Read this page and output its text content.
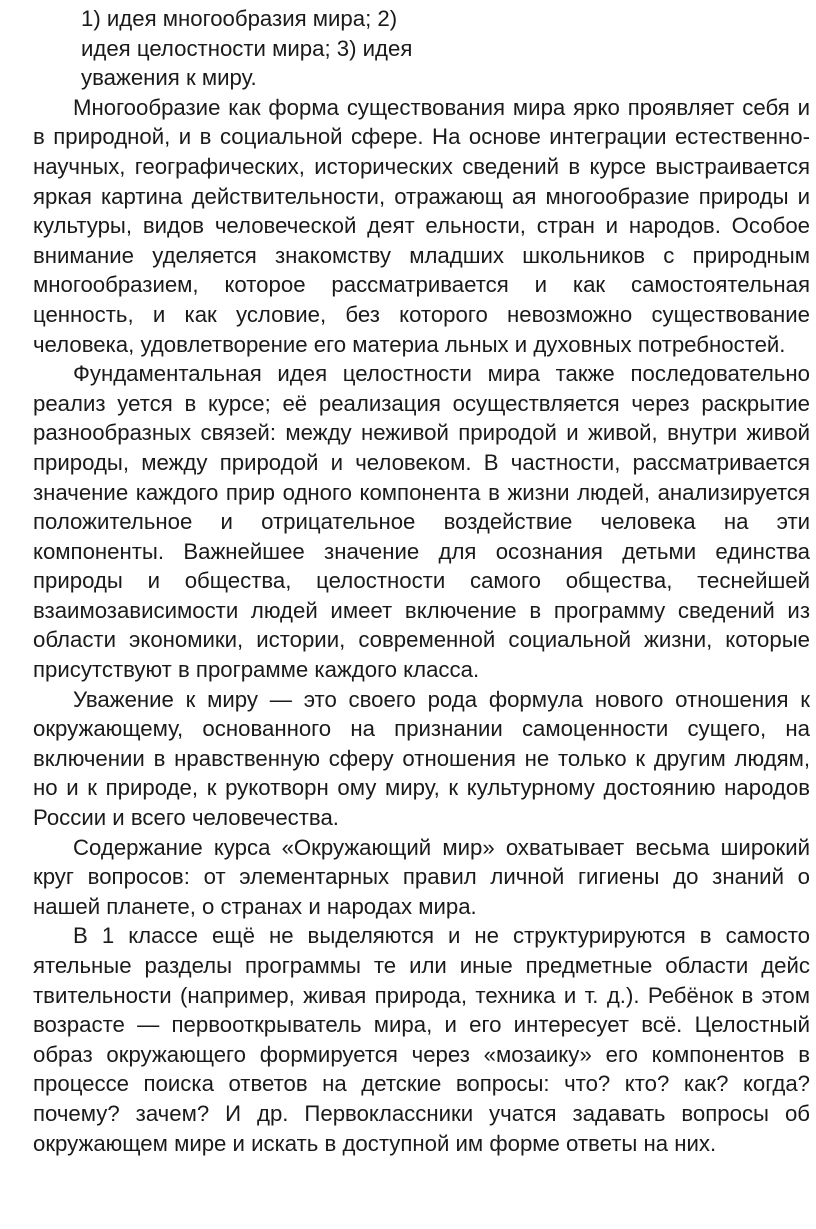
1) идея многообразия мира; 2) идея целостности мира; 3) идея уважения к миру.

Многообразие как форма существования мира ярко проявляет себя и в природной, и в социальной сфере. На основе интеграции естественно-научных, географических, исторических сведений в курсе выстраивается яркая картина действительности, отражающ ая многообразие природы и культуры, видов человеческой деят ельности, стран и народов. Особое внимание уделяется знакомству младших школьников с природным многообразием, которое рассматривается и как самостоятельная ценность, и как условие, без которого невозможно существование человека, удовлетворение его материа льных и духовных потребностей.

Фундаментальная идея целостности мира также последовательно реализ уется в курсе; её реализация осуществляется через раскрытие разнообразных связей: между неживой природой и живой, внутри живой природы, между природой и человеком. В частности, рассматривается значение каждого прир одного компонента в жизни людей, анализируется положительное и отрицательное воздействие человека на эти компоненты. Важнейшее значение для осознания детьми единства природы и общества, целостности самого общества, теснейшей взаимозависимости людей имеет включение в программу сведений из области экономики, истории, современной социальной жизни, которые присутствуют в программе каждого класса.

Уважение к миру — это своего рода формула нового отношения к окружающему, основанного на признании самоценности сущего, на включении в нравственную сферу отношения не только к другим людям, но и к природе, к рукотворн ому миру, к культурному достоянию народов России и всего человечества.

Содержание курса «Окружающий мир» охватывает весьма широкий круг вопросов: от элементарных правил личной гигиены до знаний о нашей планете, о странах и народах мира.

В 1 классе ещё не выделяются и не структурируются в самосто ятельные разделы программы те или иные предметные области дейс твительности (например, живая природа, техника и т. д.). Ребёнок в этом возрасте — первооткрыватель мира, и его интересует всё. Целостный образ окружающего формируется через «мозаику» его компонентов в процессе поиска ответов на детские вопросы: что? кто? как? когда? почему? зачем? И др. Первоклассники учатся задавать вопросы об окружающем мире и искать в доступной им форме ответы на них.
